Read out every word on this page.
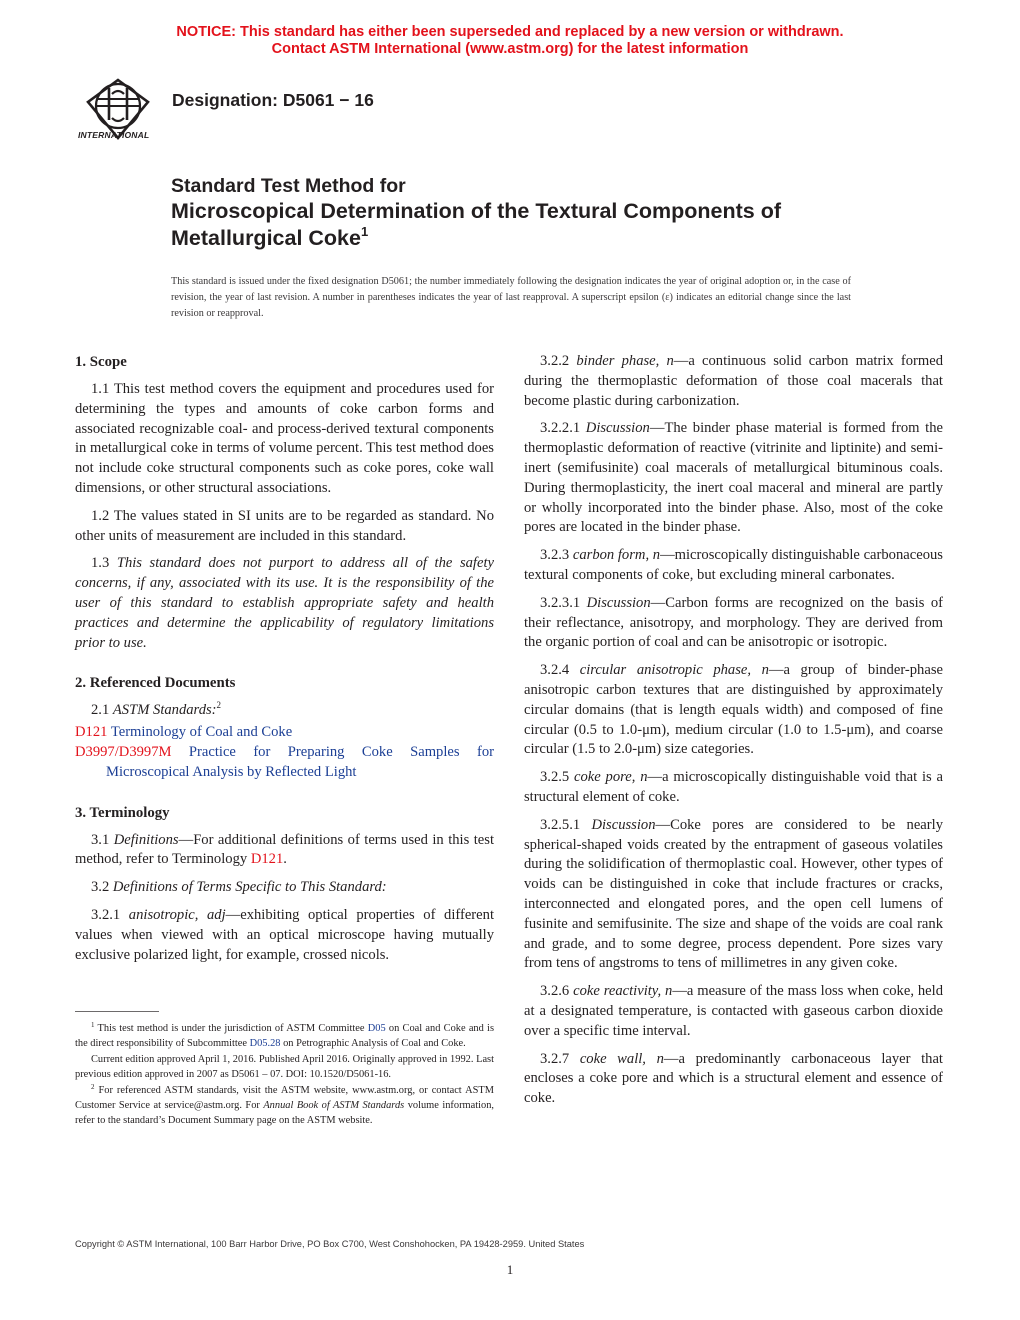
NOTICE: This standard has either been superseded and replaced by a new version or withdrawn.
Contact ASTM International (www.astm.org) for the latest information
INTERNATIONAL
Designation: D5061 − 16
Standard Test Method for
Microscopical Determination of the Textural Components of Metallurgical Coke$^1$
This standard is issued under the fixed designation D5061; the number immediately following the designation indicates the year of original adoption or, in the case of revision, the year of last revision. A number in parentheses indicates the year of last reapproval. A superscript epsilon (ε) indicates an editorial change since the last revision or reapproval.
1. Scope

1.1 This test method covers the equipment and procedures used for determining the types and amounts of coke carbon forms and associated recognizable coal- and process-derived textural components in metallurgical coke in terms of volume percent. This test method does not include coke structural components such as coke pores, coke wall dimensions, or other structural associations.

1.2 The values stated in SI units are to be regarded as standard. No other units of measurement are included in this standard.

1.3 This standard does not purport to address all of the safety concerns, if any, associated with its use. It is the responsibility of the user of this standard to establish appropriate safety and health practices and determine the applicability of regulatory limitations prior to use.

2. Referenced Documents

2.1 ASTM Standards:$^2$

D121 Terminology of Coal and Coke

D3997/D3997M Practice for Preparing Coke Samples for Microscopical Analysis by Reflected Light

3. Terminology

3.1 Definitions—For additional definitions of terms used in this test method, refer to Terminology D121.

3.2 Definitions of Terms Specific to This Standard:

3.2.1 anisotropic, adj—exhibiting optical properties of different values when viewed with an optical microscope having mutually exclusive polarized light, for example, crossed nicols.

3.2.2 binder phase, n—a continuous solid carbon matrix formed during the thermoplastic deformation of those coal macerals that become plastic during carbonization.

3.2.2.1 Discussion—The binder phase material is formed from the thermoplastic deformation of reactive (vitrinite and liptinite) and semi-inert (semifusinite) coal macerals of metallurgical bituminous coals. During thermoplasticity, the inert coal maceral and mineral are partly or wholly incorporated into the binder phase. Also, most of the coke pores are located in the binder phase.

3.2.3 carbon form, n—microscopically distinguishable carbonaceous textural components of coke, but excluding mineral carbonates.

3.2.3.1 Discussion—Carbon forms are recognized on the basis of their reflectance, anisotropy, and morphology. They are derived from the organic portion of coal and can be anisotropic or isotropic.

3.2.4 circular anisotropic phase, n—a group of binder-phase anisotropic carbon textures that are distinguished by approximately circular domains (that is length equals width) and composed of fine circular (0.5 to 1.0-μm), medium circular (1.0 to 1.5-μm), and coarse circular (1.5 to 2.0-μm) size categories.

3.2.5 coke pore, n—a microscopically distinguishable void that is a structural element of coke.

3.2.5.1 Discussion—Coke pores are considered to be nearly spherical-shaped voids created by the entrapment of gaseous volatiles during the solidification of thermoplastic coal. However, other types of voids can be distinguished in coke that include fractures or cracks, interconnected and elongated pores, and the open cell lumens of fusinite and semifusinite. The size and shape of the voids are coal rank and grade, and to some degree, process dependent. Pore sizes vary from tens of angstroms to tens of millimetres in any given coke.

3.2.6 coke reactivity, n—a measure of the mass loss when coke, held at a designated temperature, is contacted with gaseous carbon dioxide over a specific time interval.

3.2.7 coke wall, n—a predominantly carbonaceous layer that encloses a coke pore and which is a structural element and essence of coke.

$^1$ This test method is under the jurisdiction of ASTM Committee D05 on Coal and Coke and is the direct responsibility of Subcommittee D05.28 on Petrographic Analysis of Coal and Coke.

Current edition approved April 1, 2016. Published April 2016. Originally approved in 1992. Last previous edition approved in 2007 as D5061 – 07. DOI: 10.1520/D5061-16.

$^2$ For referenced ASTM standards, visit the ASTM website, www.astm.org, or contact ASTM Customer Service at service@astm.org. For Annual Book of ASTM Standards volume information, refer to the standard’s Document Summary page on the ASTM website.

Copyright © ASTM International, 100 Barr Harbor Drive, PO Box C700, West Conshohocken, PA 19428-2959. United States
1
